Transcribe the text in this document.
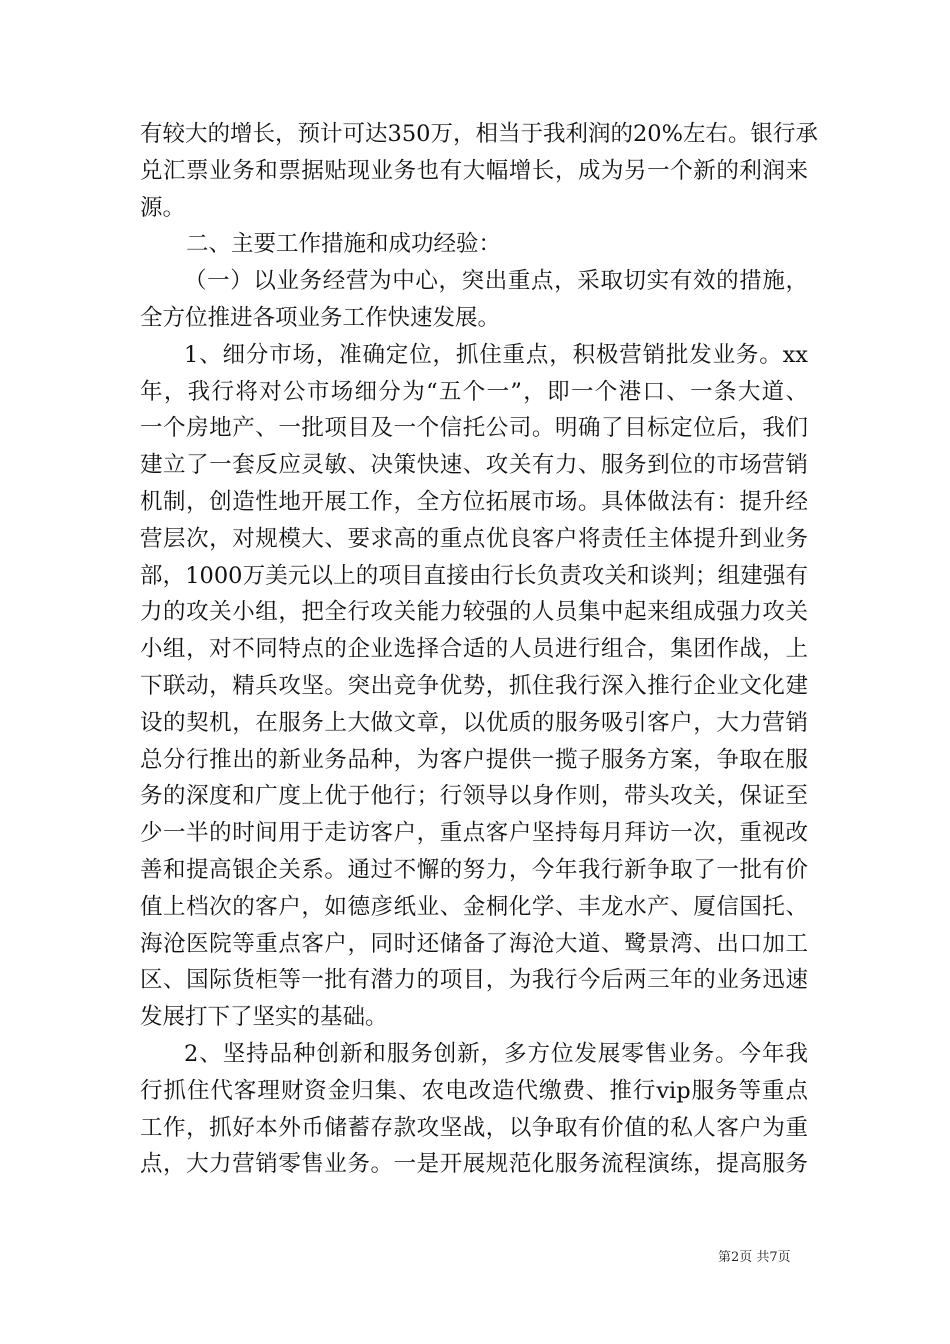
有较大的增长，预计可达350万，相当于我利润的20%左右。银行承
兑汇票业务和票据贴现业务也有大幅增长，成为另一个新的利润来
源。
二、主要工作措施和成功经验：
（一）以业务经营为中心，突出重点，采取切实有效的措施，
全方位推进各项业务工作快速发展。
1、细分市场，准确定位，抓住重点，积极营销批发业务。xx
年，我行将对公市场细分为“五个一”，即一个港口、一条大道、
一个房地产、一批项目及一个信托公司。明确了目标定位后，我们
建立了一套反应灵敏、决策快速、攻关有力、服务到位的市场营销
机制，创造性地开展工作，全方位拓展市场。具体做法有：提升经
营层次，对规模大、要求高的重点优良客户将责任主体提升到业务
部，1000万美元以上的项目直接由行长负责攻关和谈判；组建强有
力的攻关小组，把全行攻关能力较强的人员集中起来组成强力攻关
小组，对不同特点的企业选择合适的人员进行组合，集团作战，上
下联动，精兵攻坚。突出竞争优势，抓住我行深入推行企业文化建
设的契机，在服务上大做文章，以优质的服务吸引客户，大力营销
总分行推出的新业务品种，为客户提供一揽子服务方案，争取在服
务的深度和广度上优于他行；行领导以身作则，带头攻关，保证至
少一半的时间用于走访客户，重点客户坚持每月拜访一次，重视改
善和提高银企关系。通过不懈的努力，今年我行新争取了一批有价
值上档次的客户，如德彦纸业、金桐化学、丰龙水产、厦信国托、
海沧医院等重点客户，同时还储备了海沧大道、鹭景湾、出口加工
区、国际货柜等一批有潜力的项目，为我行今后两三年的业务迅速
发展打下了坚实的基础。
2、坚持品种创新和服务创新，多方位发展零售业务。今年我
行抓住代客理财资金归集、农电改造代缴费、推行vip服务等重点
工作，抓好本外币储蓄存款攻坚战，以争取有价值的私人客户为重
点，大力营销零售业务。一是开展规范化服务流程演练，提高服务
第2页 共7页
